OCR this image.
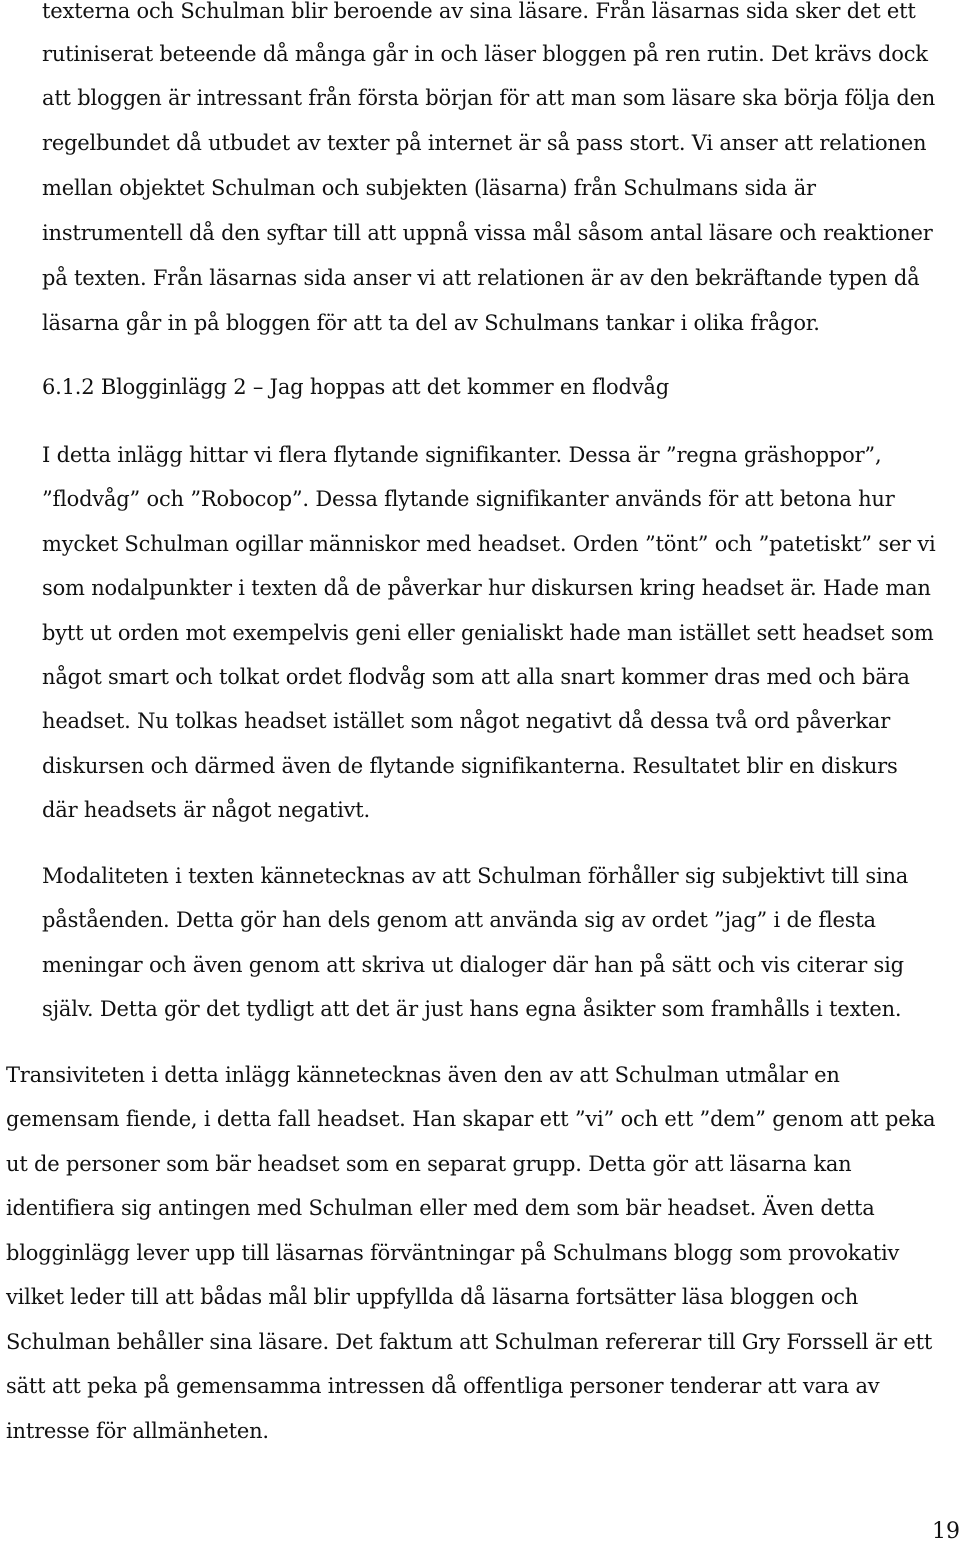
texterna och Schulman blir beroende av sina läsare. Från läsarnas sida sker det ett
rutiniserat beteende då många går in och läser bloggen på ren rutin. Det krävs dock
att bloggen är intressant från första början för att man som läsare ska börja följa den
regelbundet då utbudet av texter på internet är så pass stort. Vi anser att relationen
mellan objektet Schulman och subjekten (läsarna) från Schulmans sida är
instrumentell då den syftar till att uppnå vissa mål såsom antal läsare och reaktioner
på texten. Från läsarnas sida anser vi att relationen är av den bekräftande typen då
läsarna går in på bloggen för att ta del av Schulmans tankar i olika frågor.
6.1.2 Blogginlägg 2 – Jag hoppas att det kommer en flodvåg
I detta inlägg hittar vi flera flytande signifikanter. Dessa är ”regna gräshoppor”,
”flodvåg” och ”Robocop”. Dessa flytande signifikanter används för att betona hur
mycket Schulman ogillar människor med headset. Orden ”tönt” och ”patetiskt” ser vi
som nodalpunkter i texten då de påverkar hur diskursen kring headset är. Hade man
bytt ut orden mot exempelvis geni eller genialiskt hade man istället sett headset som
något smart och tolkat ordet flodvåg som att alla snart kommer dras med och bära
headset. Nu tolkas headset istället som något negativt då dessa två ord påverkar
diskursen och därmed även de flytande signifikanterna. Resultatet blir en diskurs
där headsets är något negativt.
Modaliteten i texten kännetecknas av att Schulman förhåller sig subjektivt till sina
påståenden. Detta gör han dels genom att använda sig av ordet ”jag” i de flesta
meningar och även genom att skriva ut dialoger där han på sätt och vis citerar sig
själv. Detta gör det tydligt att det är just hans egna åsikter som framhålls i texten.
Transiviteten i detta inlägg kännetecknas även den av att Schulman utmålar en
gemensam fiende, i detta fall headset. Han skapar ett ”vi” och ett ”dem” genom att peka
ut de personer som bär headset som en separat grupp. Detta gör att läsarna kan
identifiera sig antingen med Schulman eller med dem som bär headset. Även detta
blogginlägg lever upp till läsarnas förväntningar på Schulmans blogg som provokativ
vilket leder till att bådas mål blir uppfyllda då läsarna fortsätter läsa bloggen och
Schulman behåller sina läsare. Det faktum att Schulman refererar till Gry Forssell är ett
sätt att peka på gemensamma intressen då offentliga personer tenderar att vara av
intresse för allmänheten.
19
